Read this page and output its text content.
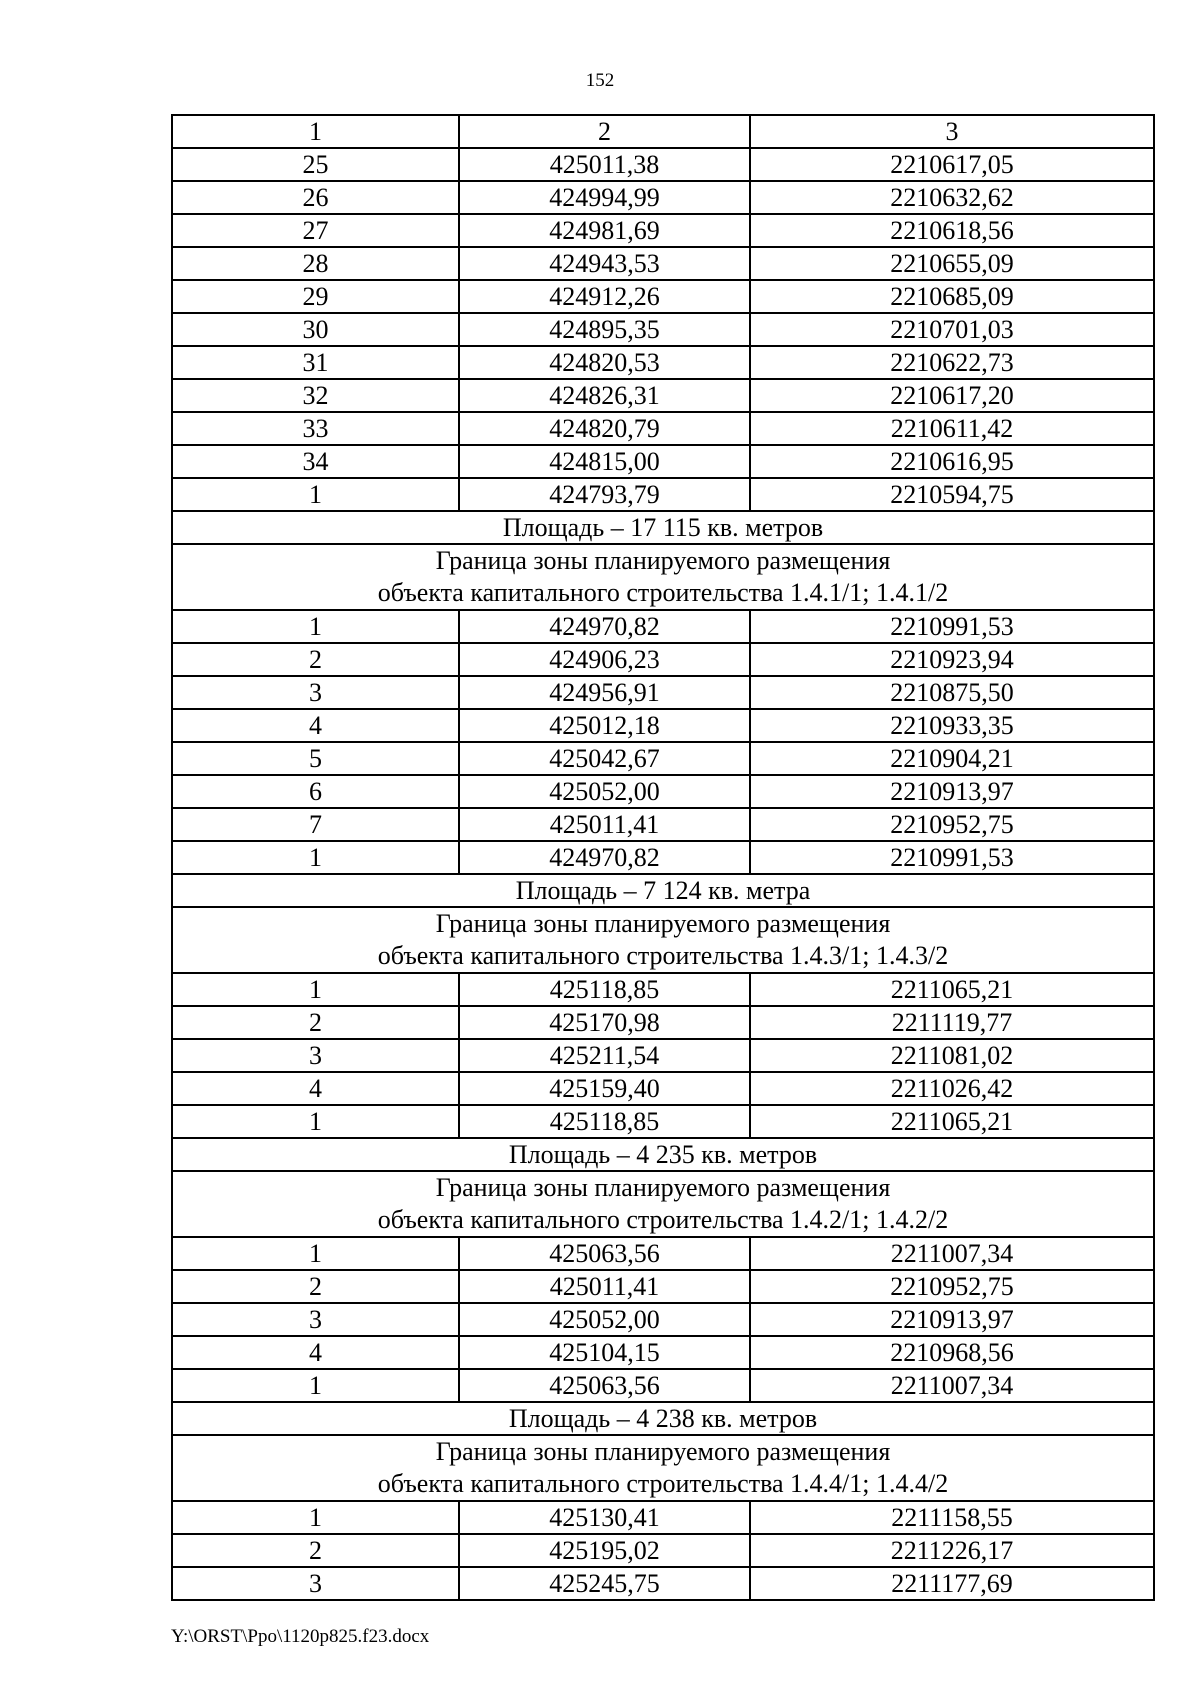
152
1	2	3
25	425011,38	2210617,05
26	424994,99	2210632,62
27	424981,69	2210618,56
28	424943,53	2210655,09
29	424912,26	2210685,09
30	424895,35	2210701,03
31	424820,53	2210622,73
32	424826,31	2210617,20
33	424820,79	2210611,42
34	424815,00	2210616,95
1	424793,79	2210594,75
Площадь – 17 115 кв. метров		

Граница зоны планируемого размещения
объекта капитального строительства 1.4.1/1; 1.4.1/2		

1	424970,82	2210991,53
2	424906,23	2210923,94
3	424956,91	2210875,50
4	425012,18	2210933,35
5	425042,67	2210904,21
6	425052,00	2210913,97
7	425011,41	2210952,75
1	424970,82	2210991,53
Площадь – 7 124 кв. метра		

Граница зоны планируемого размещения
объекта капитального строительства 1.4.3/1; 1.4.3/2		

1	425118,85	2211065,21
2	425170,98	2211119,77
3	425211,54	2211081,02
4	425159,40	2211026,42
1	425118,85	2211065,21
Площадь – 4 235 кв. метров		

Граница зоны планируемого размещения
объекта капитального строительства 1.4.2/1; 1.4.2/2		

1	425063,56	2211007,34
2	425011,41	2210952,75
3	425052,00	2210913,97
4	425104,15	2210968,56
1	425063,56	2211007,34
Площадь – 4 238 кв. метров		

Граница зоны планируемого размещения
объекта капитального строительства 1.4.4/1; 1.4.4/2		

1	425130,41	2211158,55
2	425195,02	2211226,17
3	425245,75	2211177,69
Y:\ORST\Ppo\1120p825.f23.docx
